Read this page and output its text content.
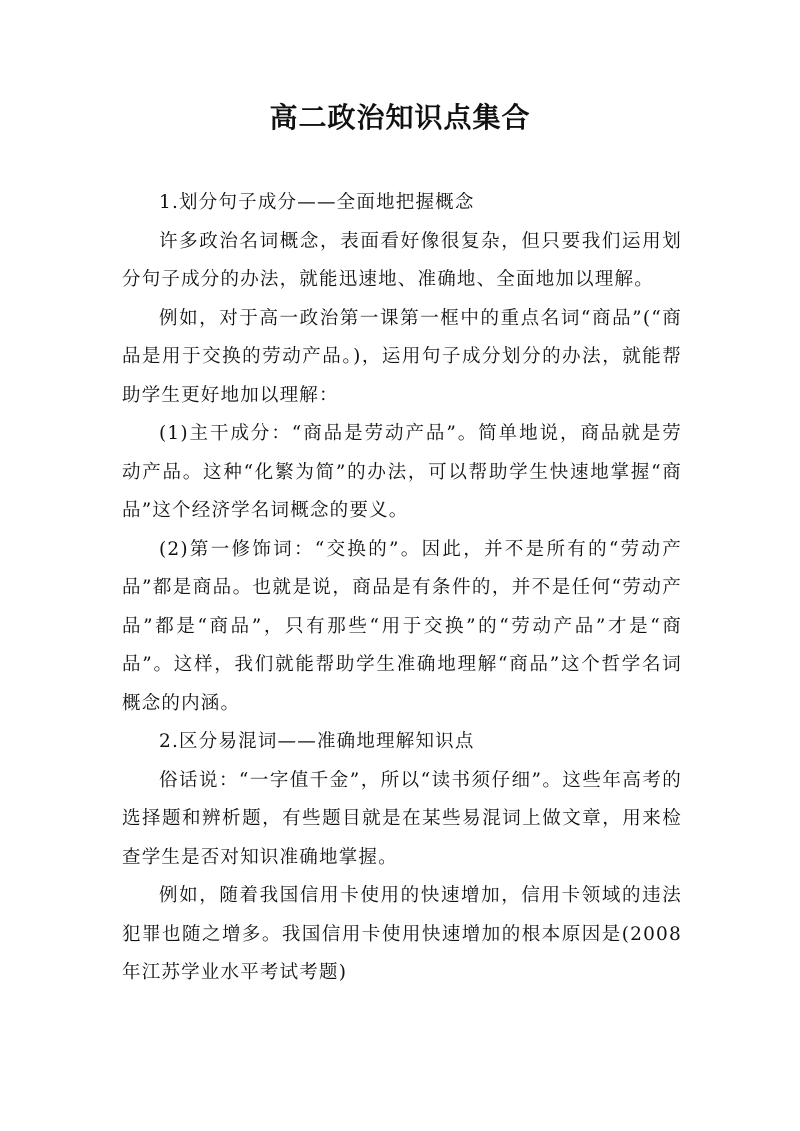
高二政治知识点集合

1.划分句子成分——全面地把握概念

许多政治名词概念，表面看好像很复杂，但只要我们运用划分句子成分的办法，就能迅速地、准确地、全面地加以理解。

例如，对于高一政治第一课第一框中的重点名词“商品”(“商品是用于交换的劳动产品。)，运用句子成分划分的办法，就能帮助学生更好地加以理解：

(1)主干成分：“商品是劳动产品”。简单地说，商品就是劳动产品。这种“化繁为简”的办法，可以帮助学生快速地掌握“商品”这个经济学名词概念的要义。

(2)第一修饰词：“交换的”。因此，并不是所有的“劳动产品”都是商品。也就是说，商品是有条件的，并不是任何“劳动产品”都是“商品”，只有那些“用于交换”的“劳动产品”才是“商品”。这样，我们就能帮助学生准确地理解“商品”这个哲学名词概念的内涵。

2.区分易混词——准确地理解知识点

俗话说：“一字值千金”，所以“读书须仔细”。这些年高考的选择题和辨析题，有些题目就是在某些易混词上做文章，用来检查学生是否对知识准确地掌握。

例如，随着我国信用卡使用的快速增加，信用卡领域的违法犯罪也随之增多。我国信用卡使用快速增加的根本原因是(2008年江苏学业水平考试考题)
